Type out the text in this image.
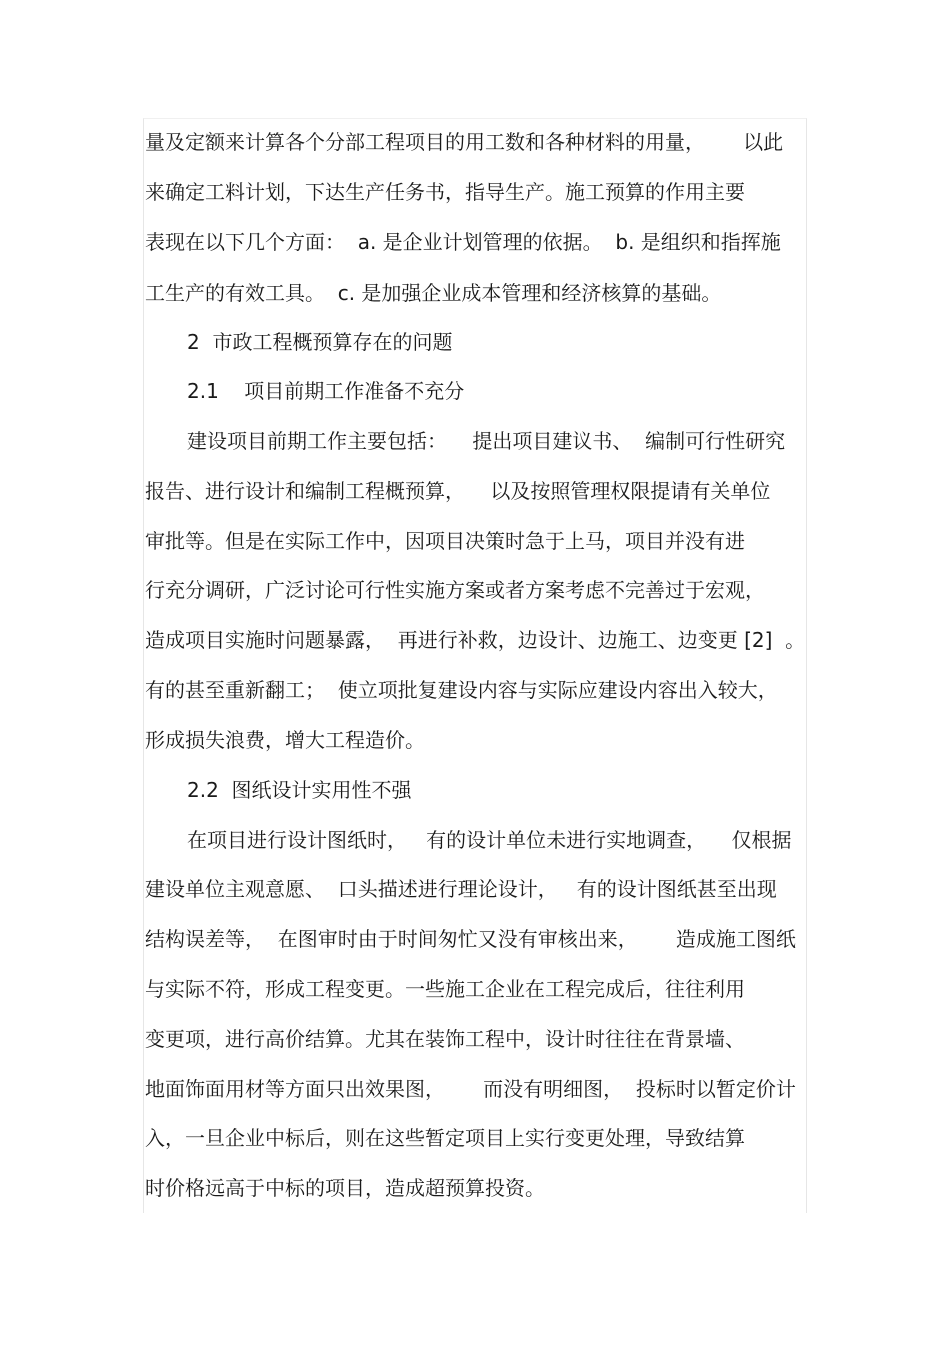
量及定额来计算各个分部工程项目的用工数和各种材料的用量，      以此
来确定工料计划，下达生产任务书，指导生产。施工预算的作用主要
表现在以下几个方面：  a. 是企业计划管理的依据。  b. 是组织和指挥施
工生产的有效工具。  c. 是加强企业成本管理和经济核算的基础。
2  市政工程概预算存在的问题
2.1    项目前期工作准备不充分
建设项目前期工作主要包括：    提出项目建议书、  编制可行性研究
报告、进行设计和编制工程概预算，    以及按照管理权限提请有关单位
审批等。但是在实际工作中，因项目决策时急于上马，项目并没有进
行充分调研，广泛讨论可行性实施方案或者方案考虑不完善过于宏观，
造成项目实施时问题暴露，  再进行补救，边设计、边施工、边变更 [2]  。
有的甚至重新翻工；  使立项批复建设内容与实际应建设内容出入较大，
形成损失浪费，增大工程造价。
2.2  图纸设计实用性不强
在项目进行设计图纸时，   有的设计单位未进行实地调查，    仅根据
建设单位主观意愿、  口头描述进行理论设计，   有的设计图纸甚至出现
结构误差等，  在图审时由于时间匆忙又没有审核出来，      造成施工图纸
与实际不符，形成工程变更。一些施工企业在工程完成后，往往利用
变更项，进行高价结算。尤其在装饰工程中，设计时往往在背景墙、
地面饰面用材等方面只出效果图，      而没有明细图，  投标时以暂定价计
入，一旦企业中标后，则在这些暂定项目上实行变更处理，导致结算
时价格远高于中标的项目，造成超预算投资。
